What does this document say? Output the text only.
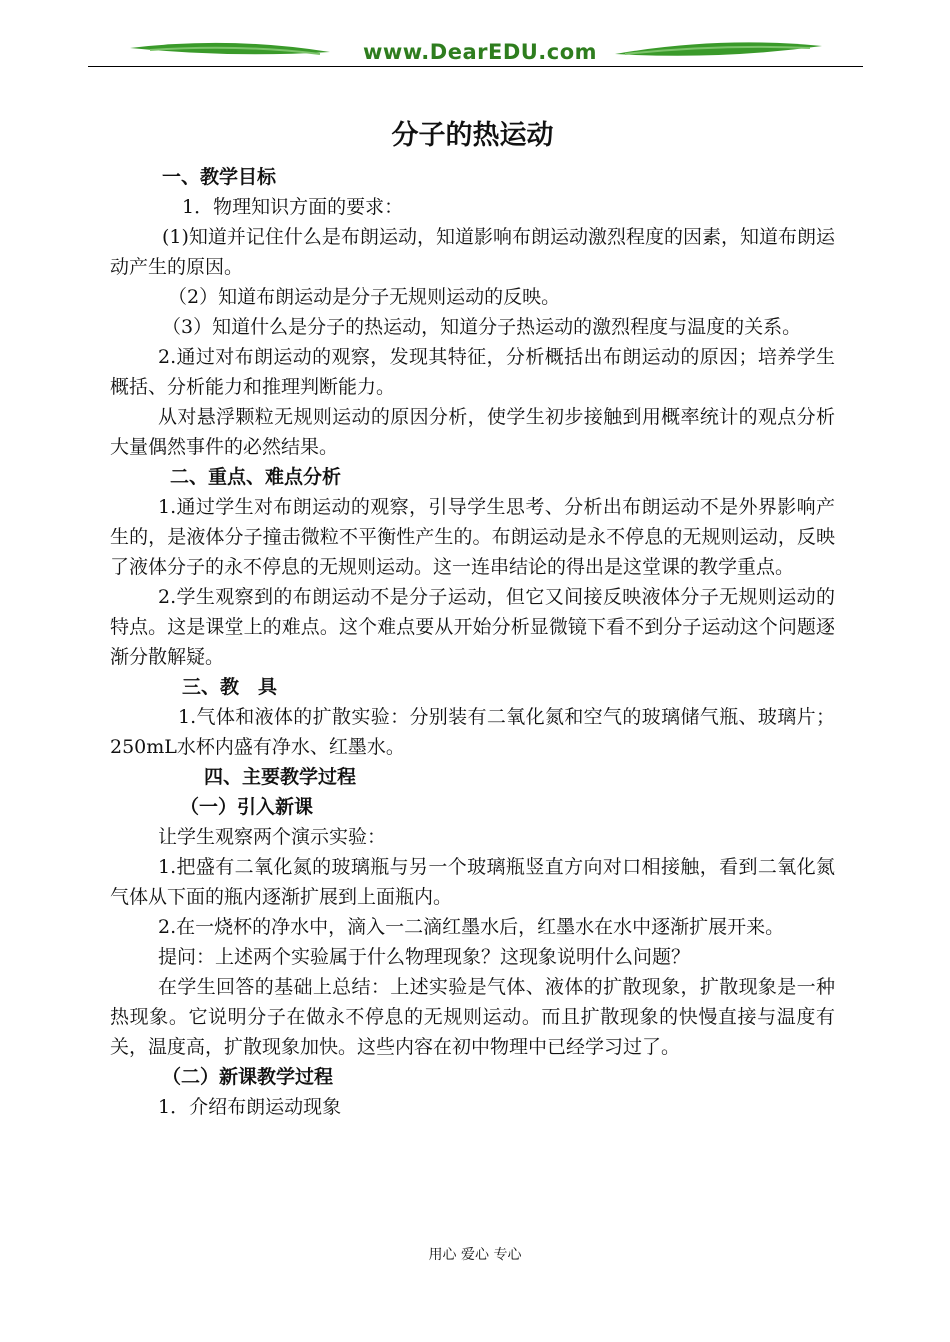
www.DearEDU.com
分子的热运动

一、教学目标

1．物理知识方面的要求：

(1)知道并记住什么是布朗运动，知道影响布朗运动激烈程度的因素，知道布朗运动产生的原因。

（2）知道布朗运动是分子无规则运动的反映。

（3）知道什么是分子的热运动，知道分子热运动的激烈程度与温度的关系。

2.通过对布朗运动的观察，发现其特征，分析概括出布朗运动的原因；培养学生概括、分析能力和推理判断能力。

从对悬浮颗粒无规则运动的原因分析，使学生初步接触到用概率统计的观点分析大量偶然事件的必然结果。

二、重点、难点分析

1.通过学生对布朗运动的观察，引导学生思考、分析出布朗运动不是外界影响产生的，是液体分子撞击微粒不平衡性产生的。布朗运动是永不停息的无规则运动，反映了液体分子的永不停息的无规则运动。这一连串结论的得出是这堂课的教学重点。

2.学生观察到的布朗运动不是分子运动，但它又间接反映液体分子无规则运动的特点。这是课堂上的难点。这个难点要从开始分析显微镜下看不到分子运动这个问题逐渐分散解疑。

三、教　具

1.气体和液体的扩散实验：分别装有二氧化氮和空气的玻璃储气瓶、玻璃片；250mL水杯内盛有净水、红墨水。

四、主要教学过程

（一）引入新课

让学生观察两个演示实验：

1.把盛有二氧化氮的玻璃瓶与另一个玻璃瓶竖直方向对口相接触，看到二氧化氮气体从下面的瓶内逐渐扩展到上面瓶内。

2.在一烧杯的净水中，滴入一二滴红墨水后，红墨水在水中逐渐扩展开来。

提问：上述两个实验属于什么物理现象？这现象说明什么问题？

在学生回答的基础上总结：上述实验是气体、液体的扩散现象，扩散现象是一种热现象。它说明分子在做永不停息的无规则运动。而且扩散现象的快慢直接与温度有关，温度高，扩散现象加快。这些内容在初中物理中已经学习过了。

（二）新课教学过程

1．介绍布朗运动现象

用心 爱心 专心
